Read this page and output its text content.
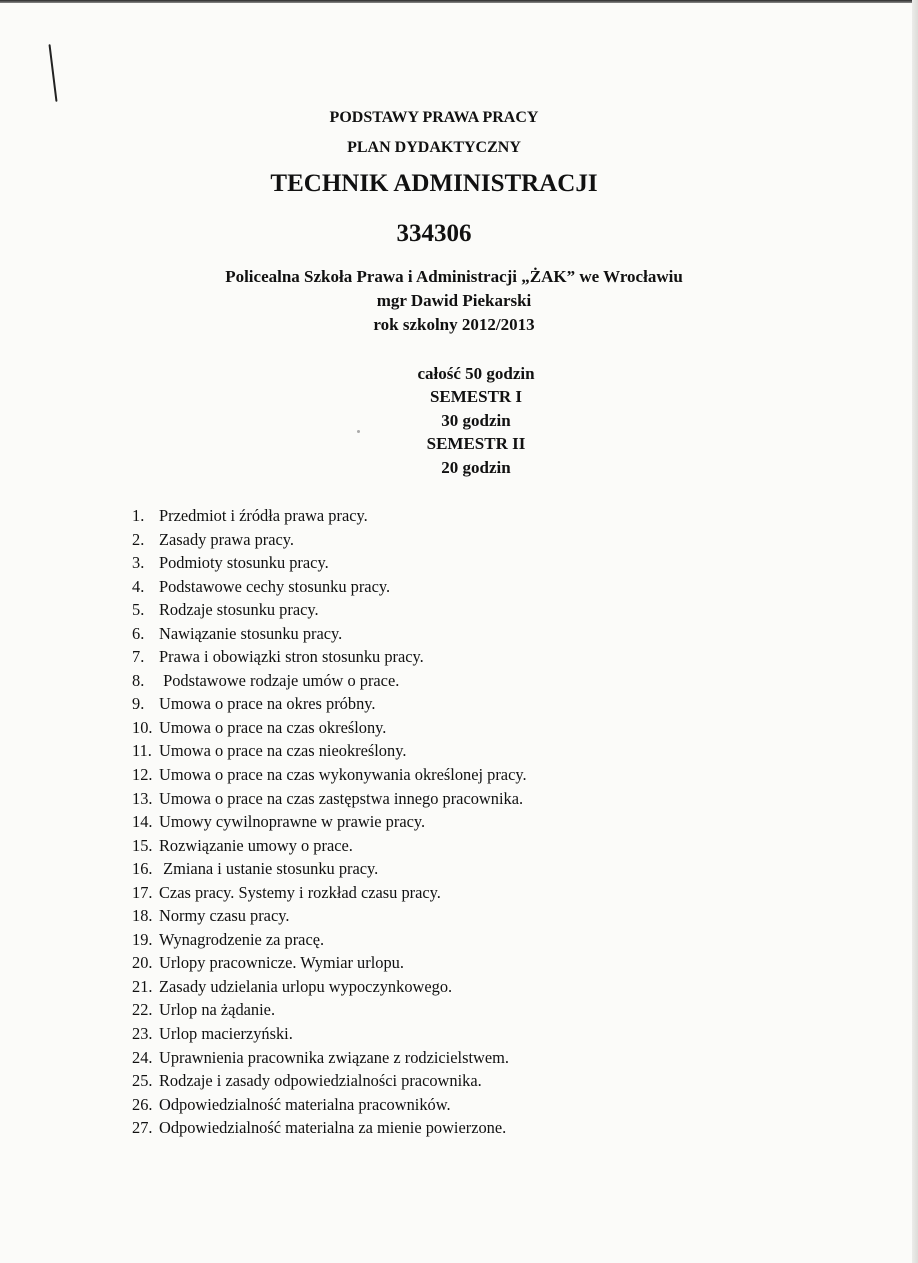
PODSTAWY PRAWA PRACY
PLAN DYDAKTYCZNY
TECHNIK ADMINISTRACJI
334306
Policealna Szkoła Prawa i Administracji „ŻAK” we Wrocławiu
mgr Dawid Piekarski
rok szkolny 2012/2013
całość 50 godzin
SEMESTR I
30 godzin
SEMESTR II
20 godzin
1. Przedmiot i źródła prawa pracy.
2. Zasady prawa pracy.
3. Podmioty stosunku pracy.
4. Podstawowe cechy stosunku pracy.
5. Rodzaje stosunku pracy.
6. Nawiązanie stosunku pracy.
7. Prawa i obowiązki stron stosunku pracy.
8. Podstawowe rodzaje umów o prace.
9. Umowa o prace na okres próbny.
10. Umowa o prace na czas określony.
11. Umowa o prace na czas nieokreślony.
12. Umowa o prace na czas wykonywania określonej pracy.
13. Umowa o prace na czas zastępstwa innego pracownika.
14. Umowy cywilnoprawne w prawie pracy.
15. Rozwiązanie umowy o prace.
16. Zmiana i ustanie stosunku pracy.
17. Czas pracy. Systemy i rozkład czasu pracy.
18. Normy czasu pracy.
19. Wynagrodzenie za pracę.
20. Urlopy pracownicze. Wymiar urlopu.
21. Zasady udzielania urlopu wypoczynkowego.
22. Urlop na żądanie.
23. Urlop macierzyński.
24. Uprawnienia pracownika związane z rodzicielstwem.
25. Rodzaje i zasady odpowiedzialności pracownika.
26. Odpowiedzialność materialna pracowników.
27. Odpowiedzialność materialna za mienie powierzone.
